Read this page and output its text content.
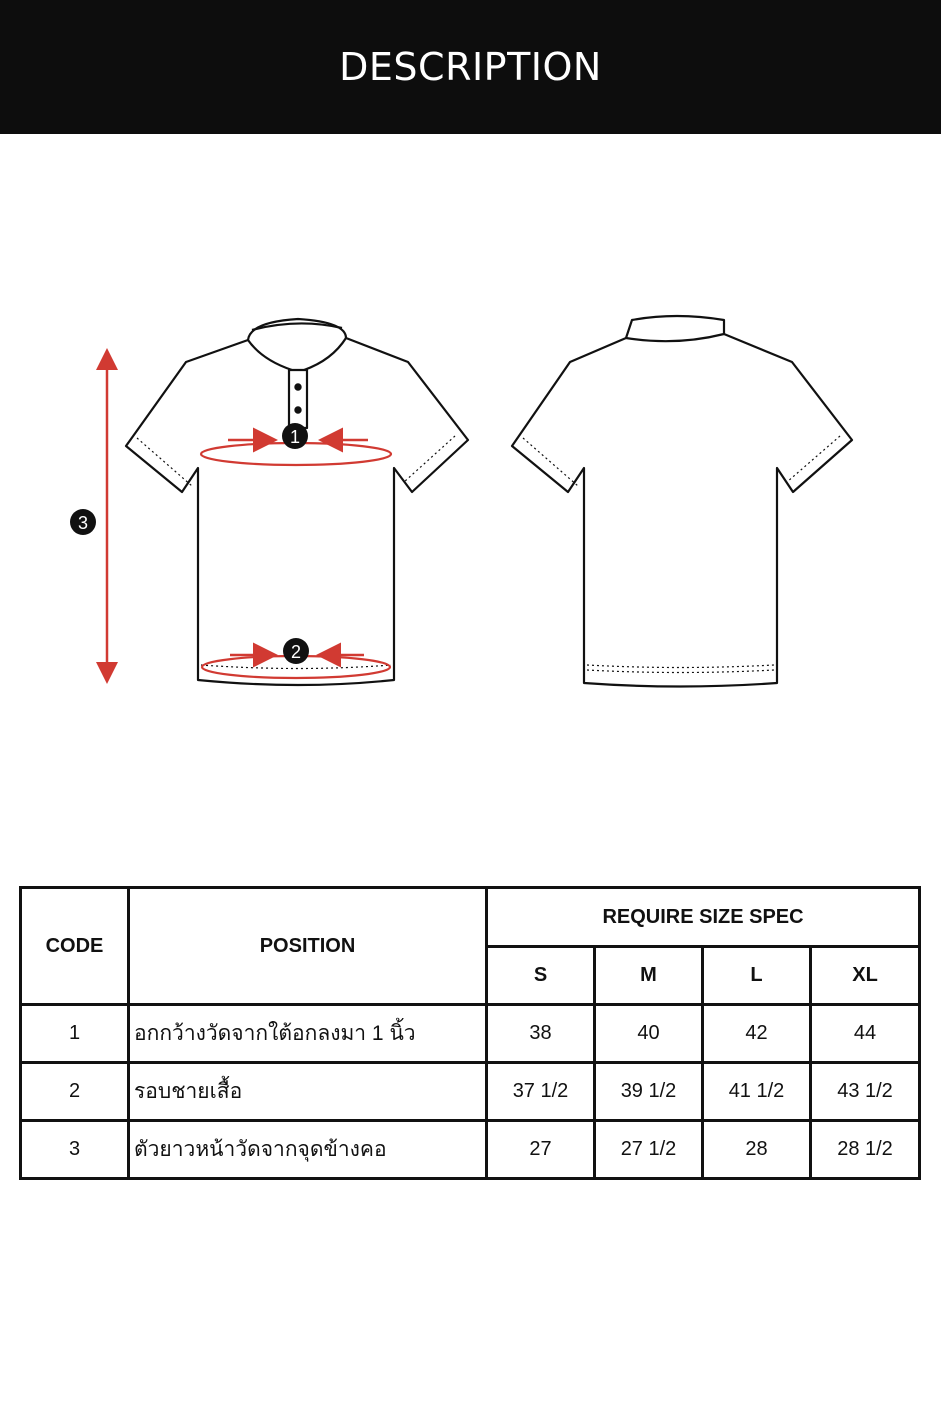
DESCRIPTION
1
2
3
CODE	POSITION	REQUIRE SIZE SPEC			
		S	M	L	XL
1	อกกว้างวัดจากใต้อกลงมา 1 นิ้ว	38	40	42	44
2	รอบชายเสื้อ	37 1/2	39 1/2	41 1/2	43 1/2
3	ตัวยาวหน้าวัดจากจุดข้างคอ	27	27 1/2	28	28 1/2
